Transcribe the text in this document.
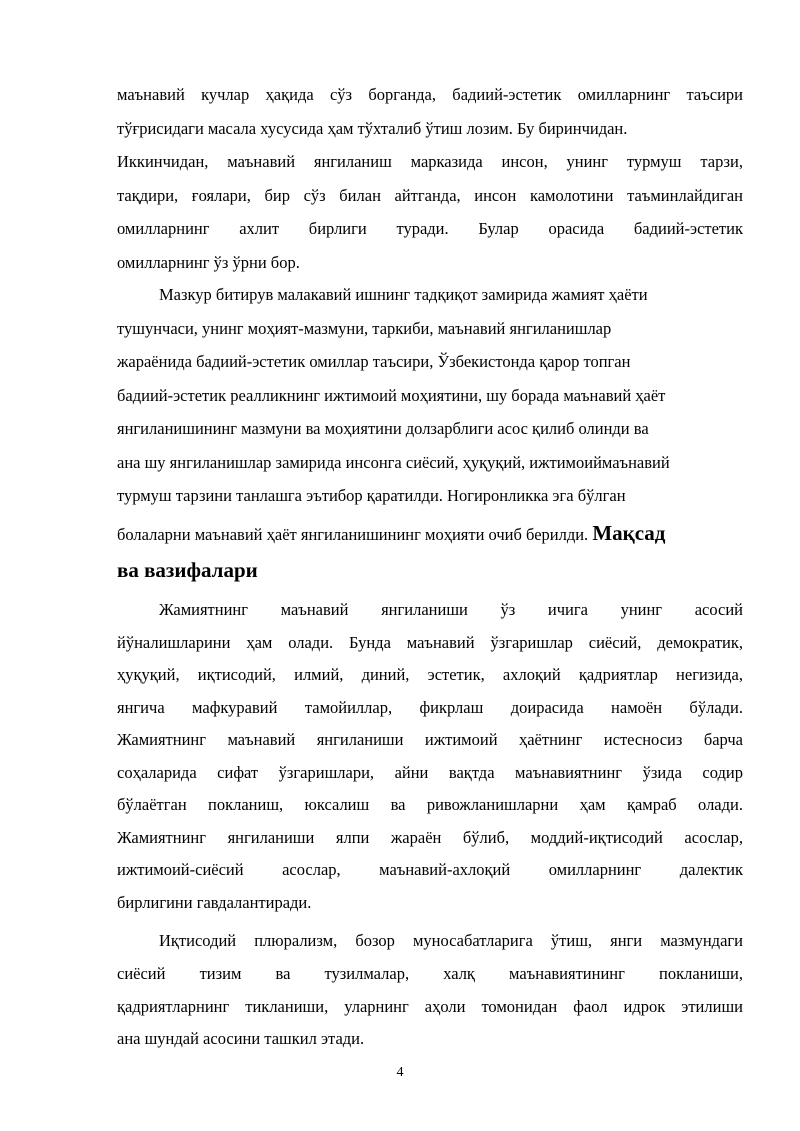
маънавий кучлар ҳақида сўз борганда, бадиий-эстетик омилларнинг таъсири
тўғрисидаги масала хусусида ҳам тўхталиб ўтиш лозим. Бу биринчидан.
Иккинчидан, маънавий янгиланиш марказида инсон, унинг турмуш тарзи,
тақдири, ғоялари, бир сўз билан айтганда, инсон камолотини таъминлайдиган
омилларнинг ахлит бирлиги туради. Булар орасида бадиий-эстетик
омилларнинг ўз ўрни бор.
Мазкур битирув малакавий ишнинг тадқиқот замирида жамият ҳаёти
тушунчаси, унинг моҳият-мазмуни, таркиби, маънавий янгиланишлар
жараёнида бадиий-эстетик омиллар таъсири, Ўзбекистонда қарор топган
бадиий-эстетик реалликнинг ижтимоий моҳиятини, шу борада маънавий ҳаёт
янгиланишининг мазмуни ва моҳиятини долзарблиги асос қилиб олинди ва
ана шу янгиланишлар замирида инсонга сиёсий, ҳуқуқий, ижтимоиймаънавий
турмуш тарзини танлашга эътибор қаратилди. Ногиронликка эга бўлган
болаларни маънавий ҳаёт янгиланишининг моҳияти очиб берилди. Мақсад
ва вазифалари
Жамиятнинг маънавий янгиланиши ўз ичига унинг асосий
йўналишларини ҳам олади. Бунда маънавий ўзгаришлар сиёсий, демократик,
ҳуқуқий, иқтисодий, илмий, диний, эстетик, ахлоқий қадриятлар негизида,
янгича мафкуравий тамойиллар, фикрлаш доирасида намоён бўлади.
Жамиятнинг маънавий янгиланиши ижтимоий ҳаётнинг истесносиз барча
соҳаларида сифат ўзгаришлари, айни вақтда маънавиятнинг ўзида содир
бўлаётган покланиш, юксалиш ва ривожланишларни ҳам қамраб олади.
Жамиятнинг янгиланиши ялпи жараён бўлиб, моддий-иқтисодий асослар,
ижтимоий-сиёсий асослар, маънавий-ахлоқий омилларнинг далектик
бирлигини гавдалантиради.
Иқтисодий плюрализм, бозор муносабатларига ўтиш, янги мазмундаги
сиёсий тизим ва тузилмалар, халқ маънавиятининг покланиши,
қадриятларнинг тикланиши, уларнинг аҳоли томонидан фаол идрок этилиши
ана шундай асосини ташкил этади.
4
